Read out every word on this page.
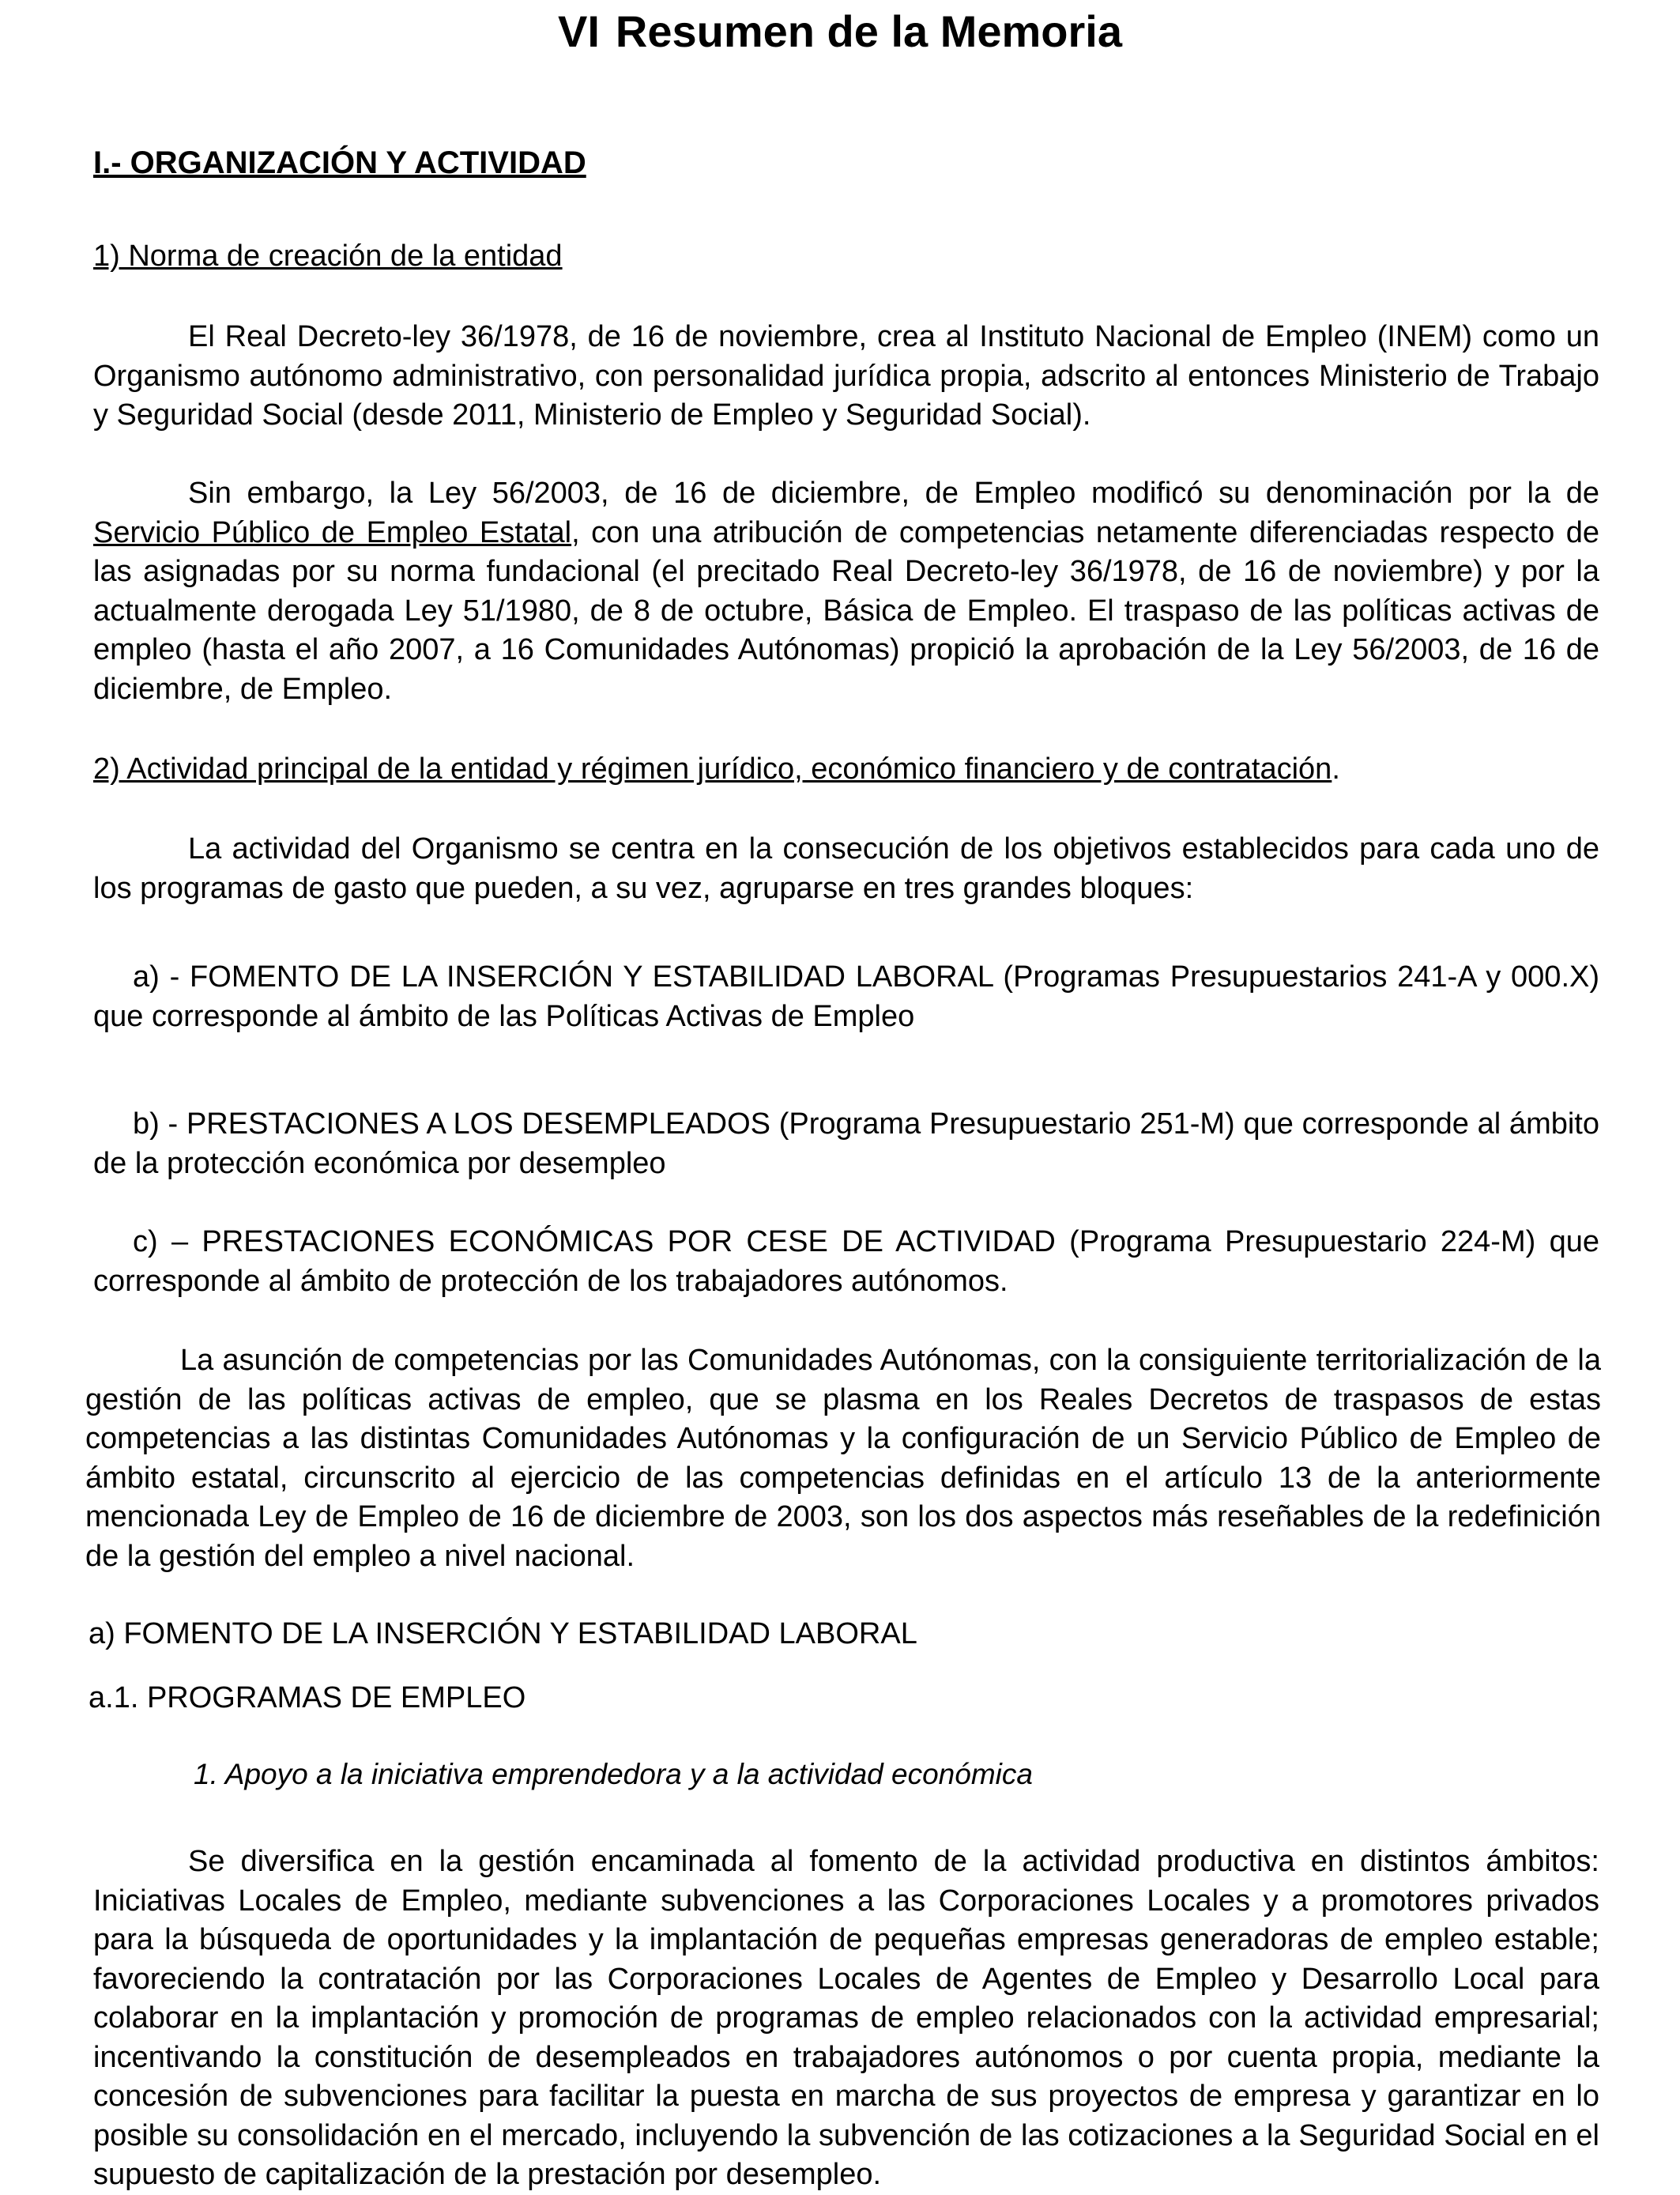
VI Resumen de la Memoria
I.- ORGANIZACIÓN Y ACTIVIDAD
1) Norma de creación de la entidad
El Real Decreto-ley 36/1978, de 16 de noviembre, crea al Instituto Nacional de Empleo (INEM) como un Organismo autónomo administrativo, con personalidad jurídica propia, adscrito al entonces Ministerio de Trabajo y Seguridad Social (desde 2011, Ministerio de Empleo y Seguridad Social).
Sin embargo, la Ley 56/2003, de 16 de diciembre, de Empleo modificó su denominación por la de Servicio Público de Empleo Estatal, con una atribución de competencias netamente diferenciadas respecto de las asignadas por su norma fundacional (el precitado Real Decreto-ley 36/1978, de 16 de noviembre) y por la actualmente derogada Ley 51/1980, de 8 de octubre, Básica de Empleo. El traspaso de las políticas activas de empleo (hasta el año 2007, a 16 Comunidades Autónomas) propició la aprobación de la Ley 56/2003, de 16 de diciembre, de Empleo.
2) Actividad principal de la entidad y régimen jurídico, económico financiero y de contratación.
La actividad del Organismo se centra en la consecución de los objetivos establecidos para cada uno de los programas de gasto que pueden, a su vez, agruparse en tres grandes bloques:
a) - FOMENTO DE LA INSERCIÓN Y ESTABILIDAD LABORAL (Programas Presupuestarios 241-A y 000.X) que corresponde al ámbito de las Políticas Activas de Empleo
b) - PRESTACIONES A LOS DESEMPLEADOS (Programa Presupuestario 251-M) que corresponde al ámbito de la protección económica por desempleo
c) – PRESTACIONES ECONÓMICAS POR CESE DE ACTIVIDAD (Programa Presupuestario 224-M) que corresponde al ámbito de protección de los trabajadores autónomos.
La asunción de competencias por las Comunidades Autónomas, con la consiguiente territorialización de la gestión de las políticas activas de empleo, que se plasma en los Reales Decretos de traspasos de estas competencias a las distintas Comunidades Autónomas y la configuración de un Servicio Público de Empleo de ámbito estatal, circunscrito al ejercicio de las competencias definidas en el artículo 13 de la anteriormente mencionada Ley de Empleo de 16 de diciembre de 2003, son los dos aspectos más reseñables de la redefinición de la gestión del empleo a nivel nacional.
a) FOMENTO DE LA INSERCIÓN Y ESTABILIDAD LABORAL
a.1. PROGRAMAS DE EMPLEO
1. Apoyo a la iniciativa emprendedora y a la actividad económica
Se diversifica en la gestión encaminada al fomento de la actividad productiva en distintos ámbitos: Iniciativas Locales de Empleo, mediante subvenciones a las Corporaciones Locales y a promotores privados para la búsqueda de oportunidades y la implantación de pequeñas empresas generadoras de empleo estable; favoreciendo la contratación por las Corporaciones Locales de Agentes de Empleo y Desarrollo Local para colaborar en la implantación y promoción de programas de empleo relacionados con la actividad empresarial; incentivando la constitución de desempleados en trabajadores autónomos o por cuenta propia, mediante la concesión de subvenciones para facilitar la puesta en marcha de sus proyectos de empresa y garantizar en lo posible su consolidación en el mercado, incluyendo la subvención de las cotizaciones a la Seguridad Social en el supuesto de capitalización de la prestación por desempleo.
